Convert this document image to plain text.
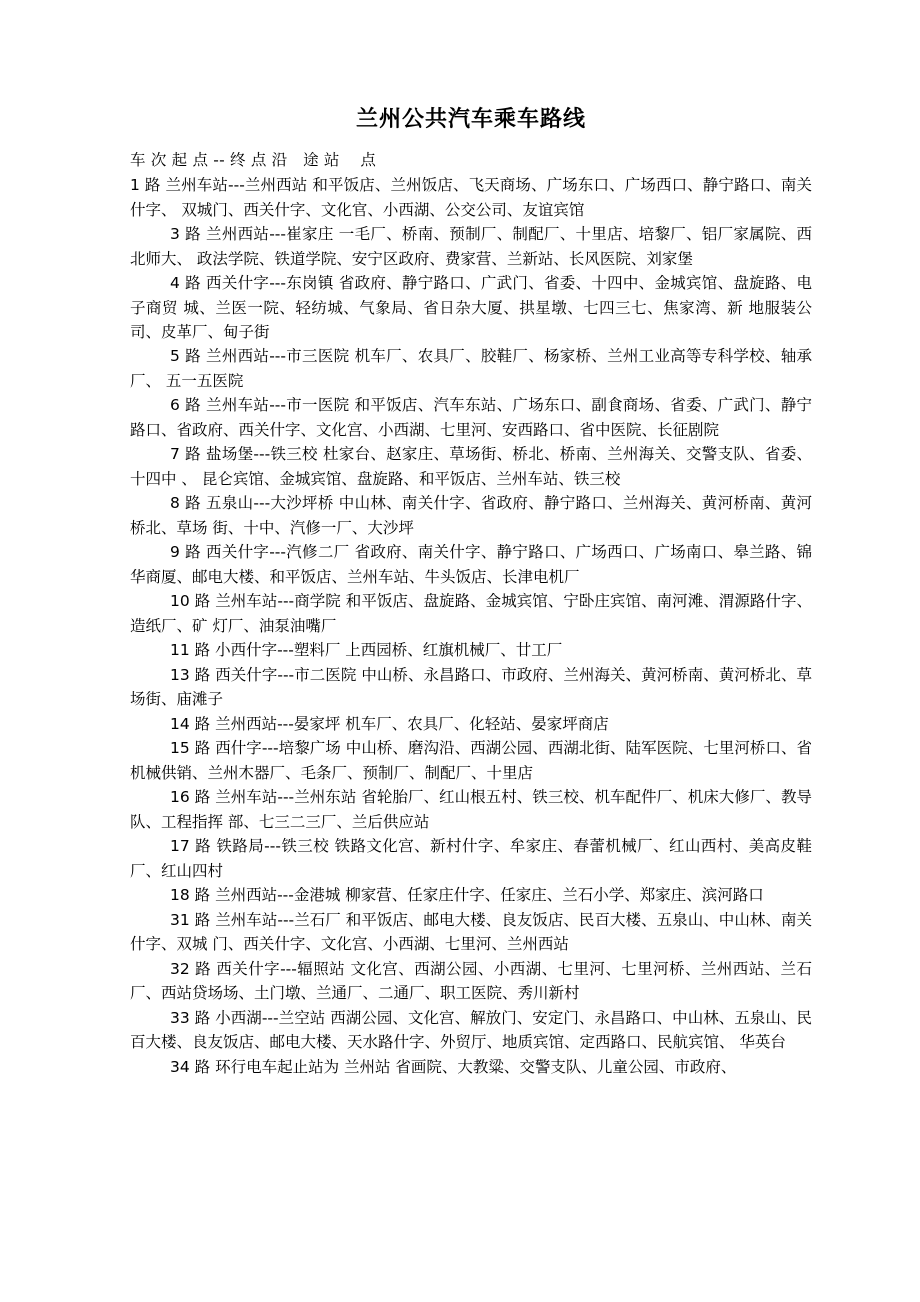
兰州公共汽车乘车路线

车 次 起 点 -- 终 点 沿　途 站　 点

1 路 兰州车站---兰州西站 和平饭店、兰州饭店、飞天商场、广场东口、广场西口、静宁路口、南关什字、 双城门、西关什字、文化官、小西湖、公交公司、友谊宾馆

3 路 兰州西站---崔家庄 一毛厂、桥南、预制厂、制配厂、十里店、培黎厂、铝厂家属院、西北师大、 政法学院、铁道学院、安宁区政府、费家营、兰新站、长风医院、刘家堡

4 路 西关什字---东岗镇 省政府、静宁路口、广武门、省委、十四中、金城宾馆、盘旋路、电子商贸 城、兰医一院、轻纺城、气象局、省日杂大厦、拱星墩、七四三七、焦家湾、新 地服装公司、皮革厂、甸子街

5 路 兰州西站---市三医院 机车厂、农具厂、胶鞋厂、杨家桥、兰州工业高等专科学校、轴承厂、 五一五医院

6 路 兰州车站---市一医院 和平饭店、汽车东站、广场东口、副食商场、省委、广武门、静宁路口、省政府、西关什字、文化宫、小西湖、七里河、安西路口、省中医院、长征剧院

7 路 盐场堡---铁三校 杜家台、赵家庄、草场街、桥北、桥南、兰州海关、交警支队、省委、十四中 、 昆仑宾馆、金城宾馆、盘旋路、和平饭店、兰州车站、铁三校

8 路 五泉山---大沙坪桥 中山林、南关什字、省政府、静宁路口、兰州海关、黄河桥南、黄河桥北、草场 街、十中、汽修一厂、大沙坪

9 路 西关什字---汽修二厂 省政府、南关什字、静宁路口、广场西口、广场南口、皋兰路、锦华商厦、邮电大楼、和平饭店、兰州车站、牛头饭店、长津电机厂

10 路 兰州车站---商学院 和平饭店、盘旋路、金城宾馆、宁卧庄宾馆、南河滩、渭源路什字、造纸厂、矿 灯厂、油泵油嘴厂

11 路 小西什字---塑料厂 上西园桥、红旗机械厂、廿工厂

13 路 西关什字---市二医院 中山桥、永昌路口、市政府、兰州海关、黄河桥南、黄河桥北、草场街、庙滩子

14 路 兰州西站---晏家坪 机车厂、农具厂、化轻站、晏家坪商店

15 路 西什字---培黎广场 中山桥、磨沟沿、西湖公园、西湖北街、陆军医院、七里河桥口、省机械供销、兰州木器厂、毛条厂、预制厂、制配厂、十里店

16 路 兰州车站---兰州东站 省轮胎厂、红山根五村、铁三校、机车配件厂、机床大修厂、教导队、工程指挥 部、七三二三厂、兰后供应站

17 路 铁路局---铁三校 铁路文化宫、新村什字、牟家庄、春蕾机械厂、红山西村、美高皮鞋厂、红山四村

18 路 兰州西站---金港城 柳家营、任家庄什字、任家庄、兰石小学、郑家庄、滨河路口

31 路 兰州车站---兰石厂 和平饭店、邮电大楼、良友饭店、民百大楼、五泉山、中山林、南关什字、双城 门、西关什字、文化宫、小西湖、七里河、兰州西站

32 路 西关什字---辐照站 文化宫、西湖公园、小西湖、七里河、七里河桥、兰州西站、兰石厂、西站贷场场、土门墩、兰通厂、二通厂、职工医院、秀川新村

33 路 小西湖---兰空站 西湖公园、文化宫、解放门、安定门、永昌路口、中山林、五泉山、民百大楼、良友饭店、邮电大楼、天水路什字、外贸厅、地质宾馆、定西路口、民航宾馆、 华英台

34 路 环行电车起止站为 兰州站 省画院、大教粱、交警支队、儿童公园、市政府、
